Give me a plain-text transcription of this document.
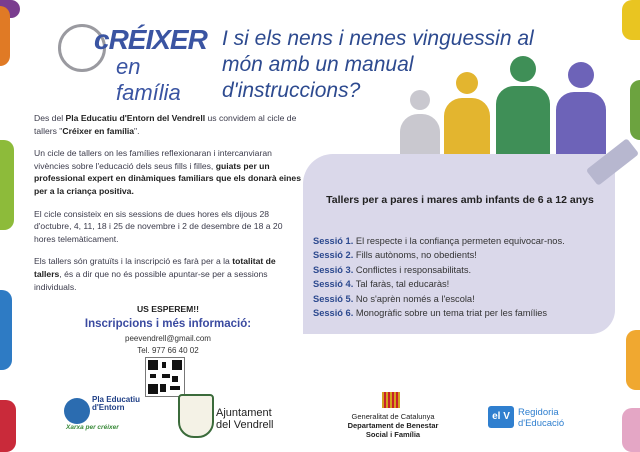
cRÉIXER
en família
I si els nens i nenes vinguessin al món amb un manual d'instruccions?

Des del Pla Educatiu d'Entorn del Vendrell us convidem al cicle de tallers "Créixer en família".

Un cicle de tallers on les famílies reflexionaran i intercanviaran vivències sobre l'educació dels seus fills i filles, guiats per un professional expert en dinàmiques familiars que els donarà eines per a la criança positiva.

El cicle consisteix en sis sessions de dues hores els dijous 28 d'octubre, 4, 11, 18 i 25 de novembre i 2 de desembre de 18 a 20 hores telemàticament.

Els tallers són gratuïts i la inscripció es farà per a la totalitat de tallers, és a dir que no és possible apuntar-se per a sessions individuals.

US ESPEREM!!
Inscripcions i més informació:
peevendrell@gmail.com
Tel. 977 66 40 02
Tallers per a pares i mares amb infants de 6 a 12 anys
Sessió 1. El respecte i la confiança permeten equivocar-nos.
Sessió 2. Fills autònoms, no obedients!
Sessió 3. Conflictes i responsabilitats.
Sessió 4. Tal faràs, tal educaràs!
Sessió 5. No s'aprèn només a l'escola!
Sessió 6. Monogràfic sobre un tema triat per les famílies
Pla Educatiu d'Entorn
Xarxa per créixer
Ajuntament del Vendrell
Generalitat de Catalunya
Departament de Benestar Social i Família
el V Regidoria d'Educació
